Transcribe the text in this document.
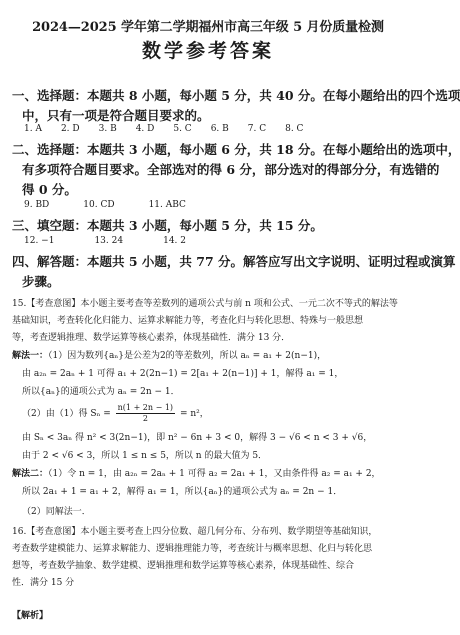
2024—2025 学年第二学期福州市高三年级 5 月份质量检测
数学参考答案
一、选择题：本题共 8 小题，每小题 5 分，共 40 分。在每小题给出的四个选项
中，只有一项是符合题目要求的。
1. A 2. D 3. B 4. D 5. C 6. B 7. C 8. C
二、选择题：本题共 3 小题，每小题 6 分，共 18 分。在每小题给出的选项中，
有多项符合题目要求。全部选对的得 6 分，部分选对的得部分分，有选错的
得 0 分。
9. BD	10. CD	11. ABC
三、填空题：本题共 3 小题，每小题 5 分，共 15 分。
12. −1	13. 24	14. 2
四、解答题：本题共 5 小题，共 77 分。解答应写出文字说明、证明过程或演算
步骤。
15.【考查意图】本小题主要考查等差数列的通项公式与前 n 项和公式、一元二次不等式的解法等
基础知识，考查转化化归能力、运算求解能力等，考查化归与转化思想、特殊与一般思想
等，考查逻辑推理、数学运算等核心素养，体现基础性．满分 13 分．
解法一：（1）因为数列{aₙ}是公差为2的等差数列，所以 aₙ = a₁ + 2(n−1)，
由 a₂ₙ = 2aₙ + 1 可得 a₁ + 2(2n−1) = 2[a₁ + 2(n−1)] + 1，解得 a₁ = 1，
所以{aₙ}的通项公式为 aₙ = 2n − 1．
（2）由（1）得 $S_n = \frac{n(1 + 2n - 1)}{2} = n^2$，
由 Sₙ < 3aₙ 得 n² < 3(2n−1)，即 n² − 6n + 3 < 0，解得 3 − √6 < n < 3 + √6，
由于 2 < √6 < 3，所以 1 ≤ n ≤ 5，所以 n 的最大值为 5．
解法二：（1）令 n = 1，由 a₂ₙ = 2aₙ + 1 可得 a₂ = 2a₁ + 1，又由条件得 a₂ = a₁ + 2，
所以 2a₁ + 1 = a₁ + 2，解得 a₁ = 1，所以{aₙ}的通项公式为 aₙ = 2n − 1．
（2）同解法一．
16.【考查意图】本小题主要考查上四分位数、超几何分布、分布列、数学期望等基础知识，
考查数学建模能力、运算求解能力、逻辑推理能力等，考查统计与概率思想、化归与转化思
想等，考查数学抽象、数学建模、逻辑推理和数学运算等核心素养，体现基础性、综合
性．满分 15 分
【解析】
